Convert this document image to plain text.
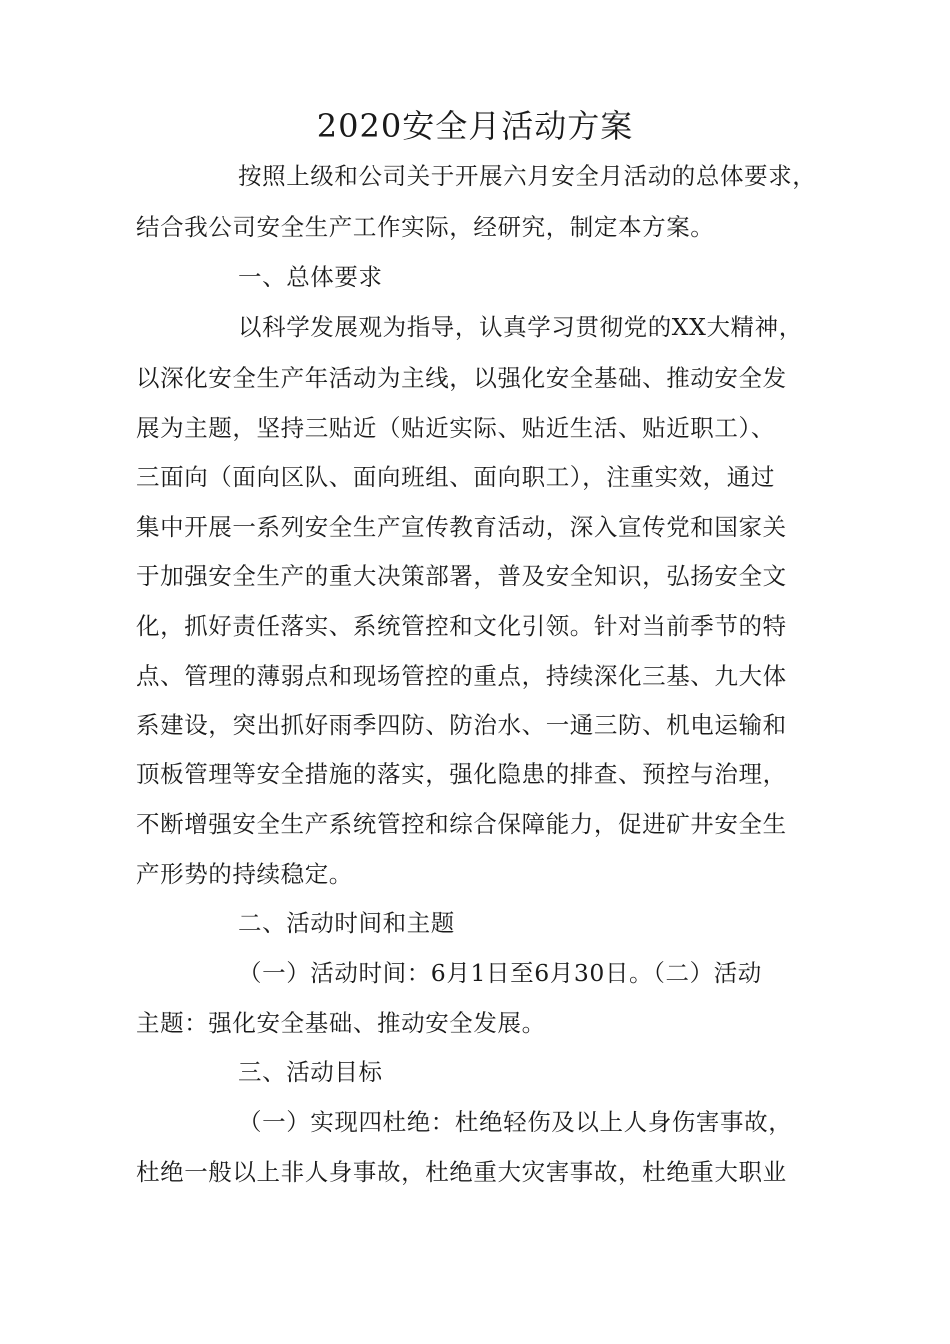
2020安全月活动方案
按照上级和公司关于开展六月安全月活动的总体要求，
结合我公司安全生产工作实际，经研究，制定本方案。
一、总体要求
以科学发展观为指导，认真学习贯彻党的XX大精神，
以深化安全生产年活动为主线，以强化安全基础、推动安全发
展为主题，坚持三贴近（贴近实际、贴近生活、贴近职工）、
三面向（面向区队、面向班组、面向职工），注重实效，通过
集中开展一系列安全生产宣传教育活动，深入宣传党和国家关
于加强安全生产的重大决策部署，普及安全知识，弘扬安全文
化，抓好责任落实、系统管控和文化引领。针对当前季节的特
点、管理的薄弱点和现场管控的重点，持续深化三基、九大体
系建设，突出抓好雨季四防、防治水、一通三防、机电运输和
顶板管理等安全措施的落实，强化隐患的排查、预控与治理，
不断增强安全生产系统管控和综合保障能力，促进矿井安全生
产形势的持续稳定。
二、活动时间和主题
（一）活动时间：6月1日至6月30日。（二）活动
主题：强化安全基础、推动安全发展。
三、活动目标
（一）实现四杜绝：杜绝轻伤及以上人身伤害事故，
杜绝一般以上非人身事故，杜绝重大灾害事故，杜绝重大职业
